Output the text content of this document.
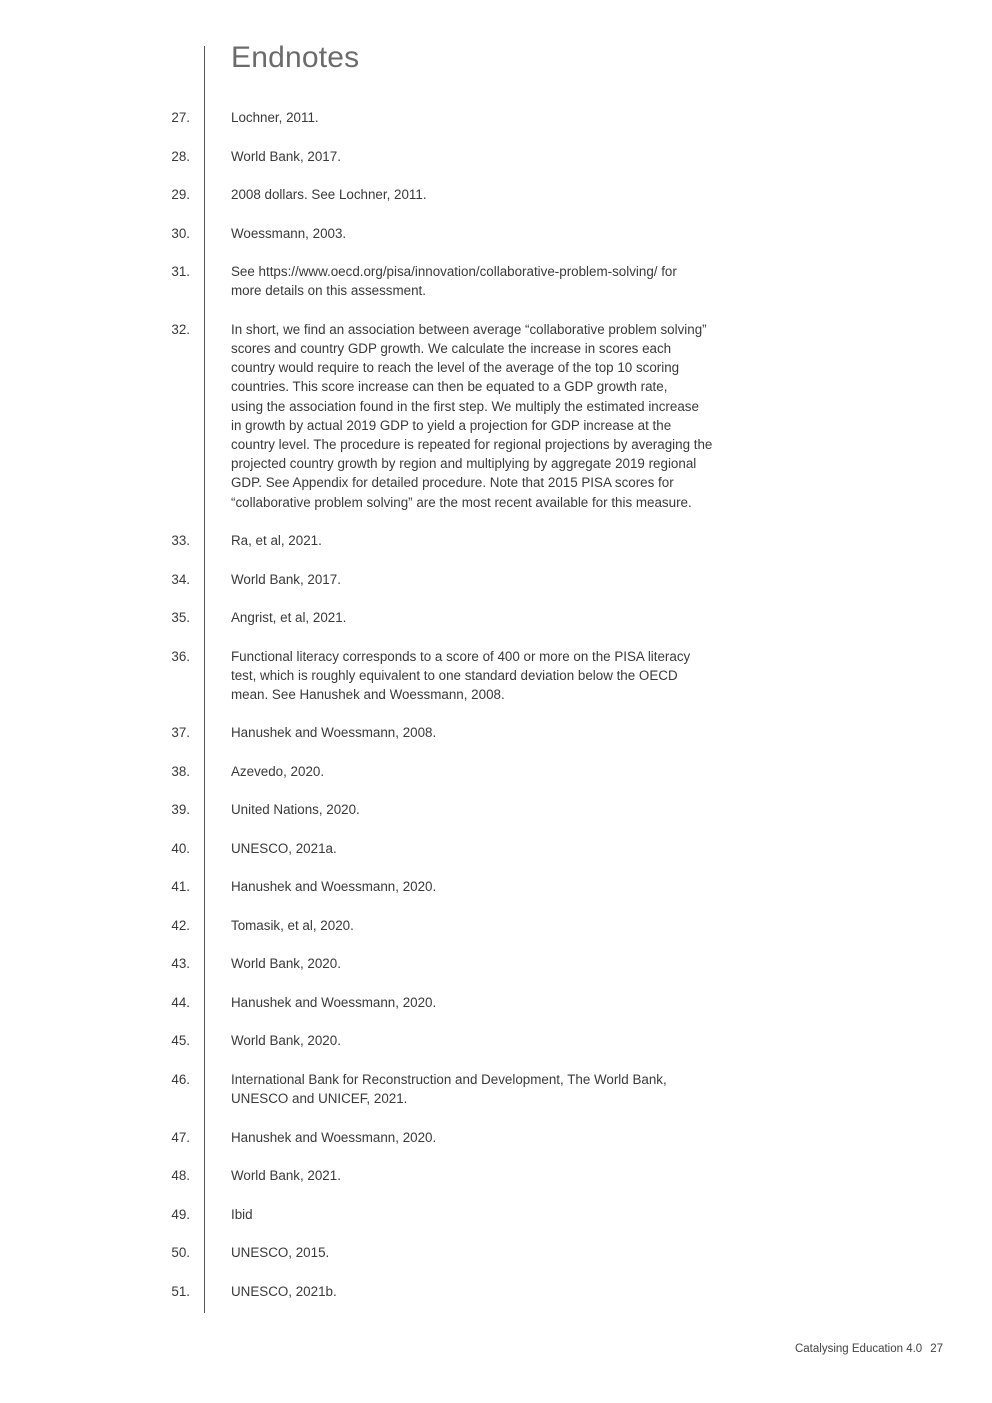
Endnotes
27.	Lochner, 2011.
28.	World Bank, 2017.
29.	2008 dollars. See Lochner, 2011.
30.	Woessmann, 2003.
31.	See https://www.oecd.org/pisa/innovation/collaborative-problem-solving/ for
more details on this assessment.
32.	In short, we find an association between average “collaborative problem solving”
scores and country GDP growth. We calculate the increase in scores each
country would require to reach the level of the average of the top 10 scoring
countries. This score increase can then be equated to a GDP growth rate,
using the association found in the first step. We multiply the estimated increase
in growth by actual 2019 GDP to yield a projection for GDP increase at the
country level. The procedure is repeated for regional projections by averaging the
projected country growth by region and multiplying by aggregate 2019 regional
GDP. See Appendix for detailed procedure. Note that 2015 PISA scores for
“collaborative problem solving” are the most recent available for this measure.
33.	Ra, et al, 2021.
34.	World Bank, 2017.
35.	Angrist, et al, 2021.
36.	Functional literacy corresponds to a score of 400 or more on the PISA literacy
test, which is roughly equivalent to one standard deviation below the OECD
mean. See Hanushek and Woessmann, 2008.
37.	Hanushek and Woessmann, 2008.
38.	Azevedo, 2020.
39.	United Nations, 2020.
40.	UNESCO, 2021a.
41.	Hanushek and Woessmann, 2020.
42.	Tomasik, et al, 2020.
43.	World Bank, 2020.
44.	Hanushek and Woessmann, 2020.
45.	World Bank, 2020.
46.	International Bank for Reconstruction and Development, The World Bank,
UNESCO and UNICEF, 2021.
47.	Hanushek and Woessmann, 2020.
48.	World Bank, 2021.
49.	Ibid
50.	UNESCO, 2015.
51.	UNESCO, 2021b.
Catalysing Education 4.0 27
